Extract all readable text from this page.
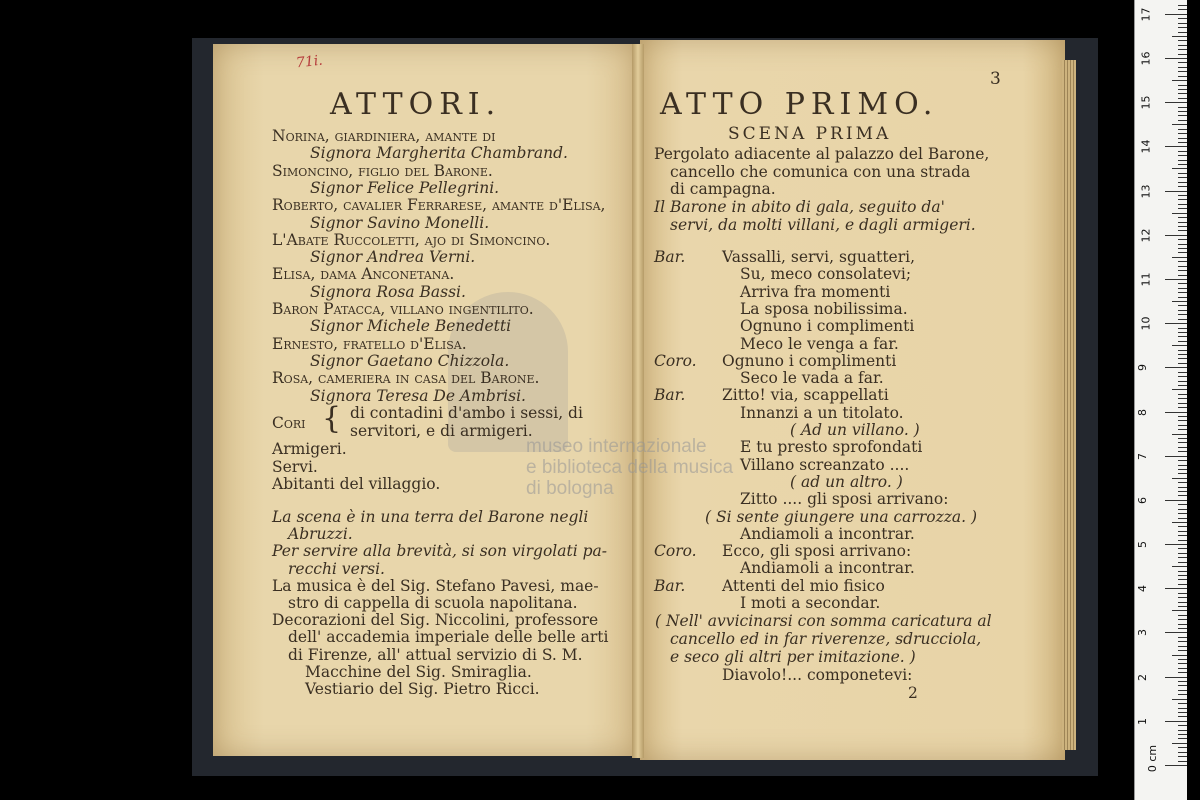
museo internazionale
e biblioteca della musica
di bologna
71i.
ATTORI.
Norina, giardiniera, amante di
Signora Margherita Chambrand.
Simoncino, figlio del Barone.
Signor Felice Pellegrini.
Roberto, cavalier Ferrarese, amante d'Elisa,
Signor Savino Monelli.
L'Abate Ruccoletti, ajo di Simoncino.
Signor Andrea Verni.
Elisa, dama Anconetana.
Signora Rosa Bassi.
Baron Patacca, villano ingentilito.
Signor Michele Benedetti
Ernesto, fratello d'Elisa.
Signor Gaetano Chizzola.
Rosa, cameriera in casa del Barone.
Signora Teresa De Ambrisi.
{
Cori
di contadini d'ambo i sessi, di
servitori, e di armigeri.
Armigeri.
Servi.
Abitanti del villaggio.
La scena è in una terra del Barone negli
Abruzzi.
Per servire alla brevità, si son virgolati pa-
recchi versi.
La musica è del Sig. Stefano Pavesi, mae-
stro di cappella di scuola napolitana.
Decorazioni del Sig. Niccolini, professore
dell' accademia imperiale delle belle arti
di Firenze, all' attual servizio di S. M.
Macchine del Sig. Smiraglia.
Vestiario del Sig. Pietro Ricci.
3
ATTO PRIMO.
SCENA PRIMA
Pergolato adiacente al palazzo del Barone,
cancello che comunica con una strada
di campagna.
Il Barone in abito di gala, seguito da'
servi, da molti villani, e dagli armigeri.
Bar. Vassalli, servi, sguatteri,
Su, meco consolatevi;
Arriva fra momenti
La sposa nobilissima.
Ognuno i complimenti
Meco le venga a far.
Coro. Ognuno i complimenti
Seco le vada a far.
Bar. Zitto! via, scappellati
Innanzi a un titolato.
( Ad un villano. )
E tu presto sprofondati
Villano screanzato ....
( ad un altro. )
Zitto .... gli sposi arrivano:
( Si sente giungere una carrozza. )
Andiamoli a incontrar.
Coro. Ecco, gli sposi arrivano:
Andiamoli a incontrar.
Bar. Attenti del mio fisico
I moti a secondar.
( Nell' avvicinarsi con somma caricatura al
cancello ed in far riverenze, sdrucciola,
e seco gli altri per imitazione. )
Diavolo!... componetevi:
2
0 cm
1
2
3
4
5
6
7
8
9
10
11
12
13
14
15
16
17
